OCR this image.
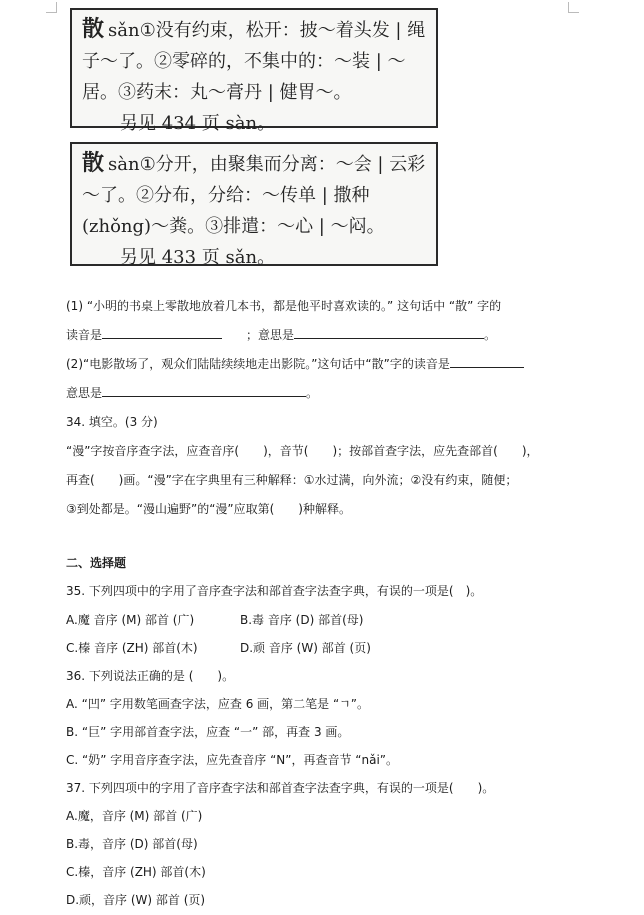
散 sǎn①没有约束，松开：披～着头发 | 绳
子～了。②零碎的，不集中的：～装 | ～
居。③药末：丸～膏丹 | 健胃～。
另见 434 页 sàn。
散 sàn①分开，由聚集而分离：～会 | 云彩
～了。②分布，分给：～传单 | 撒种
(zhǒng)～粪。③排遣：～心 | ～闷。
另见 433 页 sǎn。
(1) “小明的书桌上零散地放着几本书，都是他平时喜欢读的。” 这句话中 “散” 字的
读音是　　	；意思是	。
(2)“电影散场了，观众们陆陆续续地走出影院。”这句话中“散”字的读音是
意思是	。
34. 填空。(3 分)
“漫”字按音序查字法，应查音序(　　)，音节(　　)；按部首查字法，应先查部首(　　)，
再查(　　)画。“漫”字在字典里有三种解释：①水过满，向外流；②没有约束，随便；
③到处都是。“漫山遍野”的“漫”应取第(　　)种解释。
二、选择题
35. 下列四项中的字用了音序查字法和部首查字法查字典，有误的一项是(　)。
A.魔 音序 (M) 部首 (广)	B.毒 音序 (D) 部首(母)
C.榛 音序 (ZH) 部首(木)	D.顽 音序 (W) 部首 (页)
36. 下列说法正确的是 (　　)。
A. “凹” 字用数笔画查字法，应查 6 画，第二笔是 “ㄱ”。
B. “巨” 字用部首查字法，应查 “一” 部，再查 3 画。
C. “奶” 字用音序查字法，应先查音序 “N”，再查音节 “nǎi”。
37. 下列四项中的字用了音序查字法和部首查字法查字典，有误的一项是(　　)。
A.魔，音序 (M) 部首 (广)
B.毒，音序 (D) 部首(母)
C.榛，音序 (ZH) 部首(木)
D.顽，音序 (W) 部首 (页)
